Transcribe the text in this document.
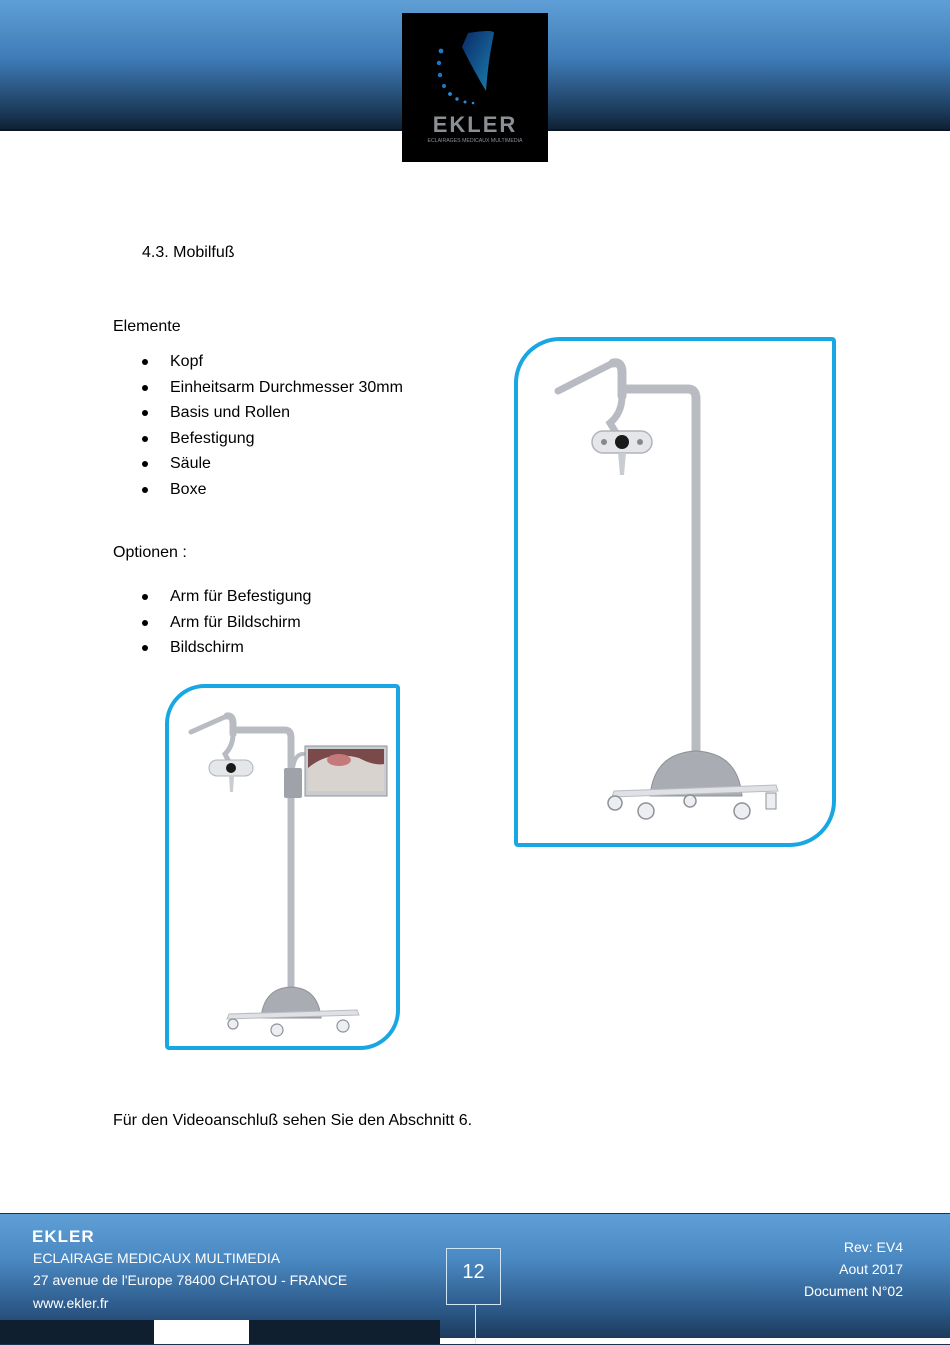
EKLER
ECLAIRAGES MEDICAUX MULTIMEDIA
4.3. Mobilfuß
Elemente
Kopf
Einheitsarm Durchmesser 30mm
Basis und Rollen
Befestigung
Säule
Boxe
Optionen :
Arm für Befestigung
Arm für Bildschirm
Bildschirm
Für den Videoanschluß sehen Sie den Abschnitt 6.
EKLER
ECLAIRAGE MEDICAUX MULTIMEDIA
27 avenue de l'Europe 78400 CHATOU - FRANCE
www.ekler.fr
12
Rev: EV4
Aout 2017
Document N°02
